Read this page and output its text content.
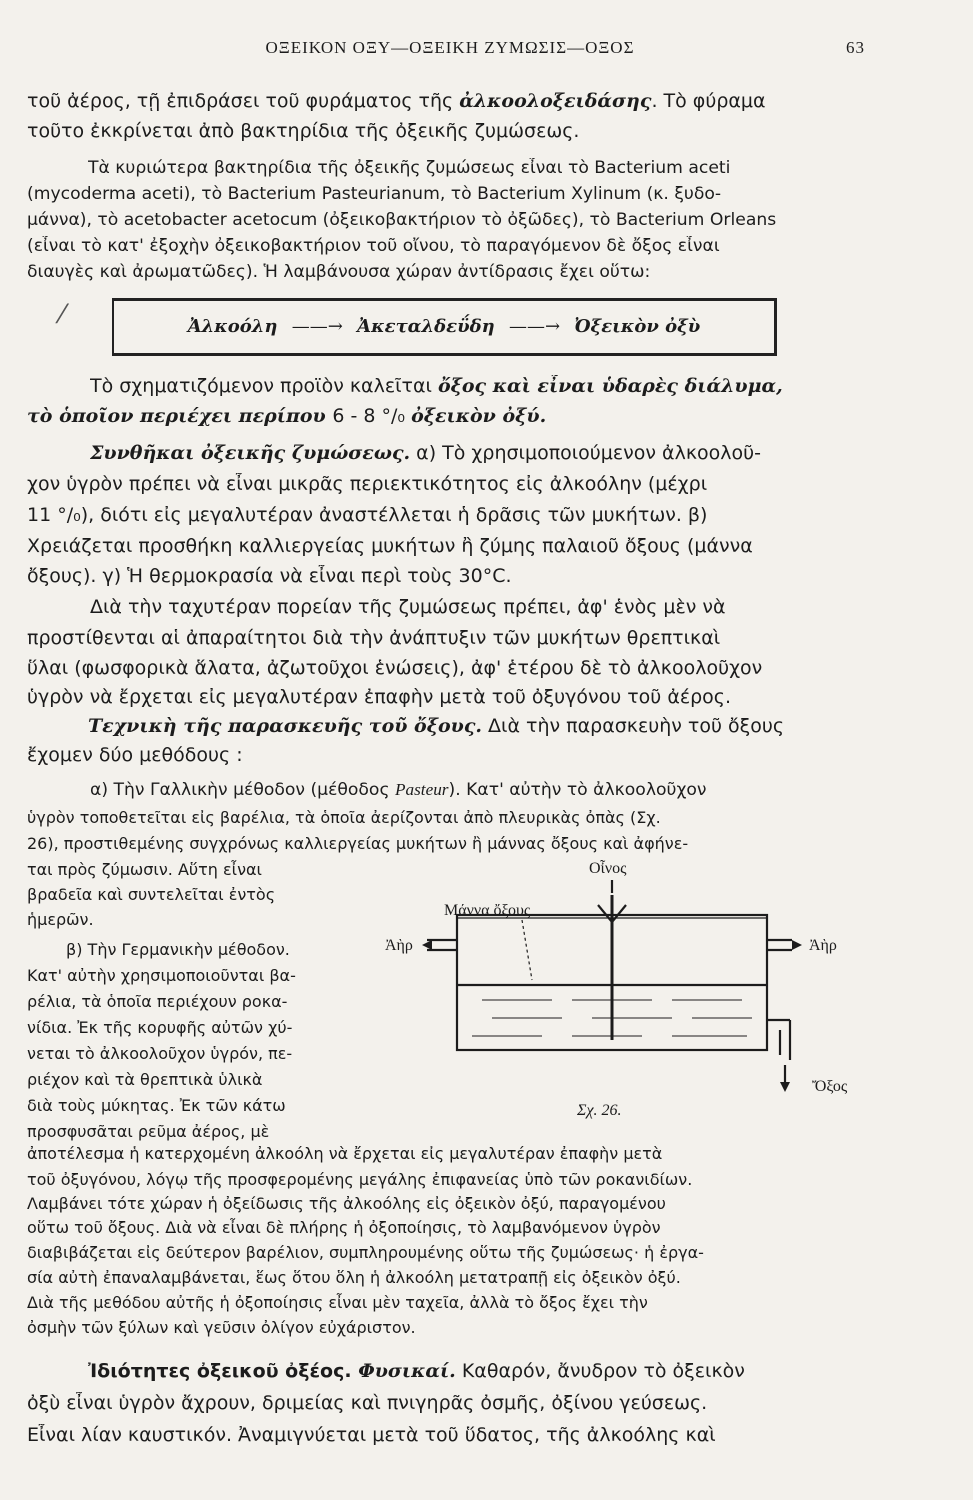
ΟΞΕΙΚΟΝ ΟΞΥ—ΟΞΕΙΚΗ ΖΥΜΩΣΙΣ—ΟΞΟΣ	63
τοῦ ἀέρος, τῇ ἐπιδράσει τοῦ φυράματος τῆς ἀλκοολοξειδάσης. Τὸ φύραμα
τοῦτο ἐκκρίνεται ἀπὸ βακτηρίδια τῆς ὀξεικῆς ζυμώσεως.
Τὰ κυριώτερα βακτηρίδια τῆς ὀξεικῆς ζυμώσεως εἶναι τὸ Bacterium aceti
(mycoderma aceti), τὸ Bacterium Pasteurianum, τὸ Bacterium Xylinum (κ. ξυδο-
μάννα), τὸ acetobacter acetocum (ὀξεικοβακτήριον τὸ ὀξῶδες), τὸ Bacterium Orleans
(εἶναι τὸ κατ' ἐξοχὴν ὀξεικοβακτήριον τοῦ οἴνου, τὸ παραγόμενον δὲ ὄξος εἶναι
διαυγὲς καὶ ἀρωματῶδες). Ἡ λαμβάνουσα χώραν ἀντίδρασις ἔχει οὕτω:
⁄	Ἀλκοόλη ——→ Ἀκεταλδεΰδη ——→ Ὀξεικὸν ὀξὺ
Τὸ σχηματιζόμενον προϊὸν καλεῖται ὄξος καὶ εἶναι ὑδαρὲς διάλυμα,
τὸ ὁποῖον περιέχει περίπου 6 - 8 °/₀ ὀξεικὸν ὀξύ.
Συνθῆκαι ὀξεικῆς ζυμώσεως. α) Τὸ χρησιμοποιούμενον ἀλκοολοῦ-
χον ὑγρὸν πρέπει νὰ εἶναι μικρᾶς περιεκτικότητος εἰς ἀλκοόλην (μέχρι
11 °/₀), διότι εἰς μεγαλυτέραν ἀναστέλλεται ἡ δρᾶσις τῶν μυκήτων. β)
Χρειάζεται προσθήκη καλλιεργείας μυκήτων ἢ ζύμης παλαιοῦ ὄξους (μάννα
ὄξους). γ) Ἡ θερμοκρασία νὰ εἶναι περὶ τοὺς 30°C.
Διὰ τὴν ταχυτέραν πορείαν τῆς ζυμώσεως πρέπει, ἀφ' ἑνὸς μὲν νὰ
προστίθενται αἱ ἀπαραίτητοι διὰ τὴν ἀνάπτυξιν τῶν μυκήτων θρεπτικαὶ
ὕλαι (φωσφορικὰ ἅλατα, ἀζωτοῦχοι ἑνώσεις), ἀφ' ἑτέρου δὲ τὸ ἀλκοολοῦχον
ὑγρὸν νὰ ἔρχεται εἰς μεγαλυτέραν ἐπαφὴν μετὰ τοῦ ὀξυγόνου τοῦ ἀέρος.
Τεχνικὴ τῆς παρασκευῆς τοῦ ὄξους. Διὰ τὴν παρασκευὴν τοῦ ὄξους
ἔχομεν δύο μεθόδους :
α) Τὴν Γαλλικὴν μέθοδον (μέθοδος Pasteur). Κατ' αὐτὴν τὸ ἀλκοολοῦχον
ὑγρὸν τοποθετεῖται εἰς βαρέλια, τὰ ὁποῖα ἀερίζονται ἀπὸ πλευρικὰς ὀπὰς (Σχ.
26), προστιθεμένης συγχρόνως καλλιεργείας μυκήτων ἢ μάννας ὄξους καὶ ἀφήνε-
ται πρὸς ζύμωσιν. Αὕτη εἶναι
βραδεῖα καὶ συντελεῖται ἐντὸς
ἡμερῶν.
β) Τὴν Γερμανικὴν μέθοδον.
Κατ' αὐτὴν χρησιμοποιοῦνται βα-
ρέλια, τὰ ὁποῖα περιέχουν ροκα-
νίδια. Ἐκ τῆς κορυφῆς αὐτῶν χύ-
νεται τὸ ἀλκοολοῦχον ὑγρόν, πε-
ριέχον καὶ τὰ θρεπτικὰ ὑλικὰ
διὰ τοὺς μύκητας. Ἐκ τῶν κάτω
προσφυσᾶται ρεῦμα ἀέρος, μὲ
ἀποτέλεσμα ἡ κατερχομένη ἀλκοόλη νὰ ἔρχεται εἰς μεγαλυτέραν ἐπαφὴν μετὰ
τοῦ ὀξυγόνου, λόγῳ τῆς προσφερομένης μεγάλης ἐπιφανείας ὑπὸ τῶν ροκανιδίων.
Λαμβάνει τότε χώραν ἡ ὀξείδωσις τῆς ἀλκοόλης εἰς ὀξεικὸν ὀξύ, παραγομένου
οὕτω τοῦ ὄξους. Διὰ νὰ εἶναι δὲ πλήρης ἡ ὀξοποίησις, τὸ λαμβανόμενον ὑγρὸν
διαβιβάζεται εἰς δεύτερον βαρέλιον, συμπληρουμένης οὕτω τῆς ζυμώσεως· ἡ ἐργα-
σία αὐτὴ ἐπαναλαμβάνεται, ἕως ὅτου ὅλη ἡ ἀλκοόλη μετατραπῇ εἰς ὀξεικὸν ὀξύ.
Διὰ τῆς μεθόδου αὐτῆς ἡ ὀξοποίησις εἶναι μὲν ταχεῖα, ἀλλὰ τὸ ὄξος ἔχει τὴν
ὀσμὴν τῶν ξύλων καὶ γεῦσιν ὀλίγον εὐχάριστον.
Οἶνος
Μάννα ὄξους
Ἀὴρ	Ἀὴρ
Ὄξος
Σχ. 26.
Ἰδιότητες ὀξεικοῦ ὀξέος. Φυσικαί. Καθαρόν, ἄνυδρον τὸ ὀξεικὸν
ὀξὺ εἶναι ὑγρὸν ἄχρουν, δριμείας καὶ πνιγηρᾶς ὀσμῆς, ὀξίνου γεύσεως.
Εἶναι λίαν καυστικόν. Ἀναμιγνύεται μετὰ τοῦ ὕδατος, τῆς ἀλκοόλης καὶ
